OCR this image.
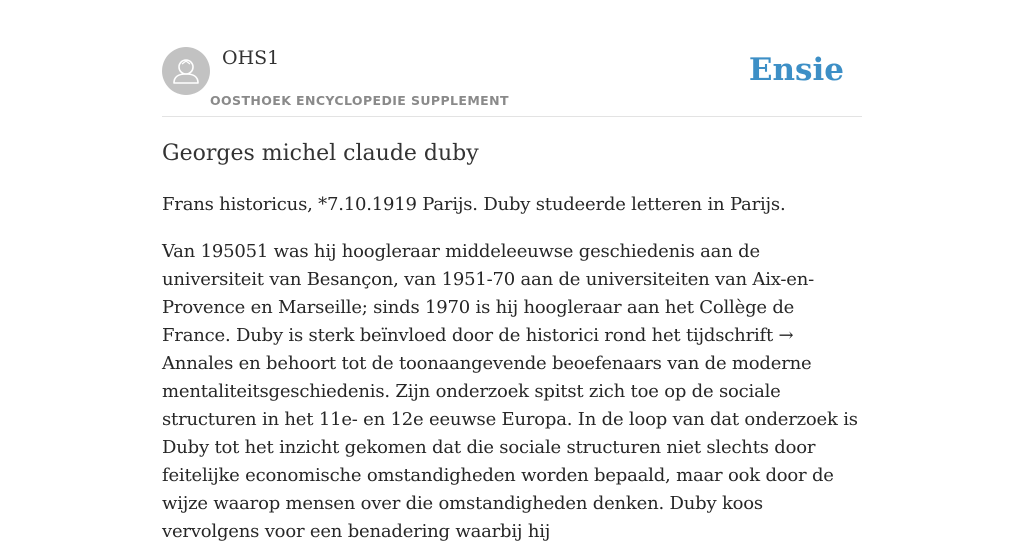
OHS1
OOSTHOEK ENCYCLOPEDIE SUPPLEMENT
Ensie
Georges michel claude duby

Frans historicus, *7.10.1919 Parijs. Duby studeerde letteren in Parijs.

Van 195051 was hij hoogleraar middeleeuwse geschiedenis aan de universiteit van Besançon, van 1951-70 aan de universiteiten van Aix-en-Provence en Marseille; sinds 1970 is hij hoogleraar aan het Collège de France. Duby is sterk beïnvloed door de historici rond het tijdschrift → Annales en behoort tot de toonaangevende beoefenaars van de moderne mentaliteitsgeschiedenis. Zijn onderzoek spitst zich toe op de sociale structuren in het 11e- en 12e eeuwse Europa. In de loop van dat onderzoek is Duby tot het inzicht gekomen dat die sociale structuren niet slechts door feitelijke economische omstandigheden worden bepaald, maar ook door de wijze waarop mensen over die omstandigheden denken. Duby koos vervolgens voor een benadering waarbij hij
